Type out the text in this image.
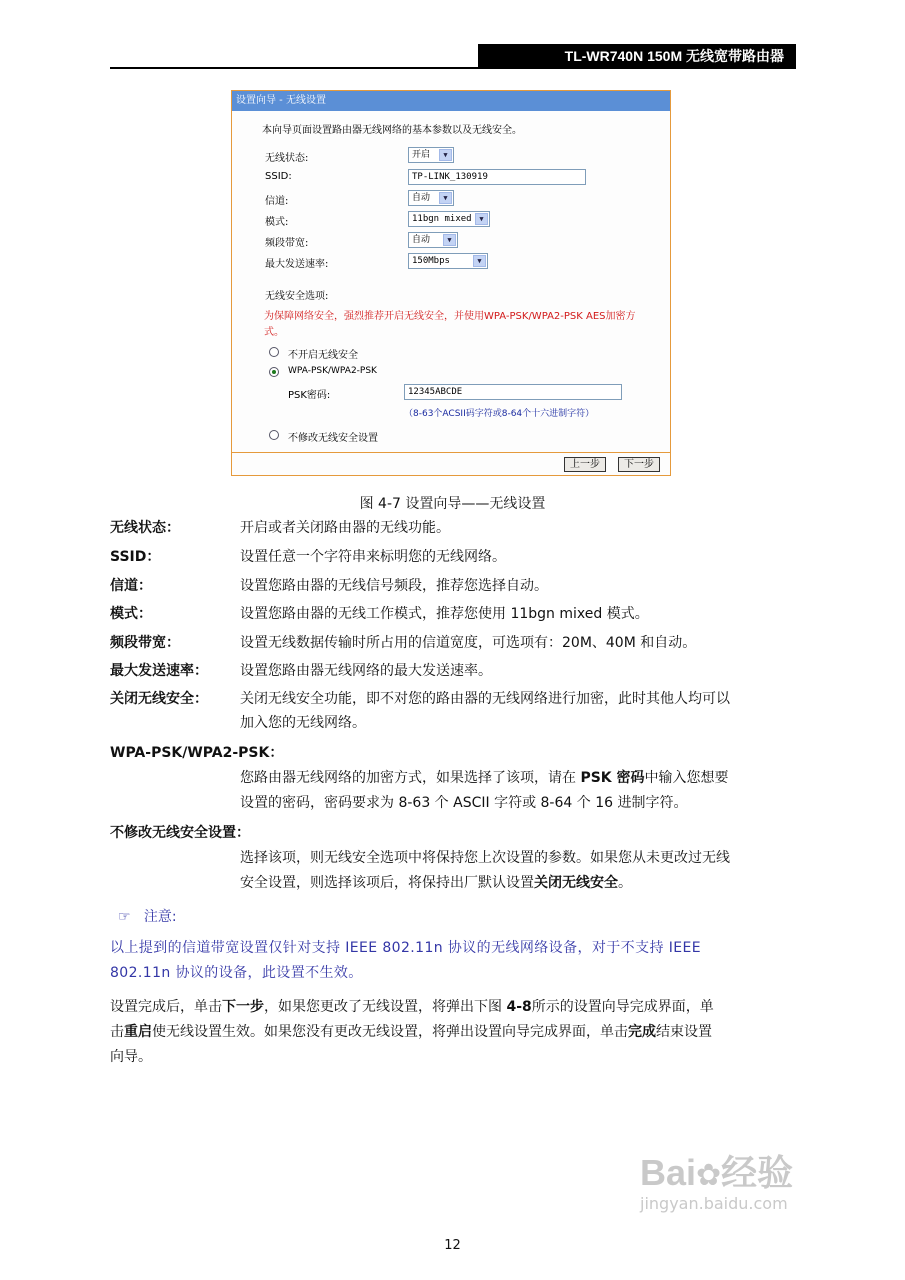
TL-WR740N 150M 无线宽带路由器
设置向导 - 无线设置
本向导页面设置路由器无线网络的基本参数以及无线安全。
无线状态:	开启	▼
SSID:	TP-LINK_130919
信道:	自动	▼
模式:	11bgn mixed	▼
频段带宽:	自动	▼
最大发送速率:	150Mbps	▼
无线安全选项:
为保障网络安全，强烈推荐开启无线安全，并使用WPA-PSK/WPA2-PSK AES加密方
式。
不开启无线安全
WPA-PSK/WPA2-PSK
PSK密码:	12345ABCDE
（8-63个ACSII码字符或8-64个十六进制字符）
不修改无线安全设置
上一步	下一步
图 4-7 设置向导——无线设置
无线状态：	开启或者关闭路由器的无线功能。
SSID：	设置任意一个字符串来标明您的无线网络。
信道：	设置您路由器的无线信号频段，推荐您选择自动。
模式：	设置您路由器的无线工作模式，推荐您使用 11bgn mixed 模式。
频段带宽：	设置无线数据传输时所占用的信道宽度，可选项有：20M、40M 和自动。
最大发送速率： 设置您路由器无线网络的最大发送速率。
关闭无线安全： 关闭无线安全功能，即不对您的路由器的无线网络进行加密，此时其他人均可以
加入您的无线网络。
WPA-PSK/WPA2-PSK：
您路由器无线网络的加密方式，如果选择了该项，请在 PSK 密码中输入您想要
设置的密码，密码要求为 8-63 个 ASCII 字符或 8-64 个 16 进制字符。
不修改无线安全设置：
选择该项，则无线安全选项中将保持您上次设置的参数。如果您从未更改过无线
安全设置，则选择该项后，将保持出厂默认设置关闭无线安全。
☞ 注意:
以上提到的信道带宽设置仅针对支持 IEEE 802.11n 协议的无线网络设备，对于不支持 IEEE
802.11n 协议的设备，此设置不生效。
设置完成后，单击下一步，如果您更改了无线设置，将弹出下图 4-8所示的设置向导完成界面，单
击重启使无线设置生效。如果您没有更改无线设置，将弹出设置向导完成界面，单击完成结束设置
向导。
Bai✿经验
jingyan.baidu.com
12
